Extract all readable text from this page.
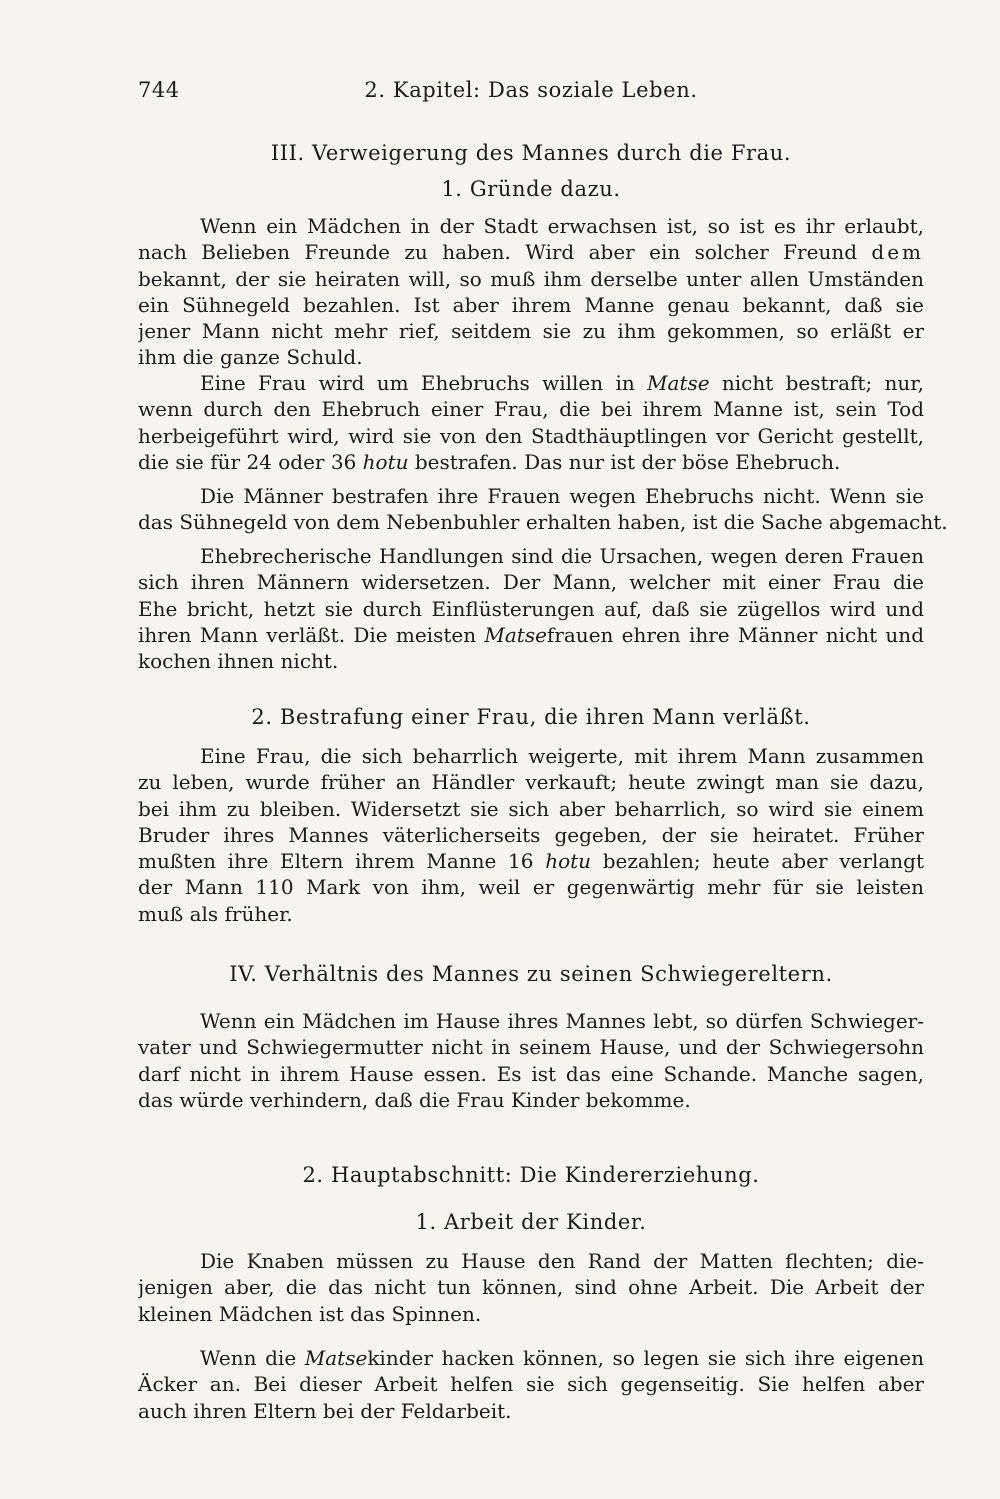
744	2. Kapitel: Das soziale Leben.
III. Verweigerung des Mannes durch die Frau.
1. Gründe dazu.
Wenn ein Mädchen in der Stadt erwachsen ist, so ist es ihr erlaubt,
nach Belieben Freunde zu haben. Wird aber ein solcher Freund dem
bekannt, der sie heiraten will, so muß ihm derselbe unter allen Umständen
ein Sühnegeld bezahlen. Ist aber ihrem Manne genau bekannt, daß sie
jener Mann nicht mehr rief, seitdem sie zu ihm gekommen, so erläßt er
ihm die ganze Schuld.
Eine Frau wird um Ehebruchs willen in Matse nicht bestraft; nur,
wenn durch den Ehebruch einer Frau, die bei ihrem Manne ist, sein Tod
herbeigeführt wird, wird sie von den Stadthäuptlingen vor Gericht gestellt,
die sie für 24 oder 36 hotu bestrafen. Das nur ist der böse Ehebruch.
Die Männer bestrafen ihre Frauen wegen Ehebruchs nicht. Wenn sie
das Sühnegeld von dem Nebenbuhler erhalten haben, ist die Sache abgemacht.
Ehebrecherische Handlungen sind die Ursachen, wegen deren Frauen
sich ihren Männern widersetzen. Der Mann, welcher mit einer Frau die
Ehe bricht, hetzt sie durch Einflüsterungen auf, daß sie zügellos wird und
ihren Mann verläßt. Die meisten Matsefrauen ehren ihre Männer nicht und
kochen ihnen nicht.
2. Bestrafung einer Frau, die ihren Mann verläßt.
Eine Frau, die sich beharrlich weigerte, mit ihrem Mann zusammen
zu leben, wurde früher an Händler verkauft; heute zwingt man sie dazu,
bei ihm zu bleiben. Widersetzt sie sich aber beharrlich, so wird sie einem
Bruder ihres Mannes väterlicherseits gegeben, der sie heiratet. Früher
mußten ihre Eltern ihrem Manne 16 hotu bezahlen; heute aber verlangt
der Mann 110 Mark von ihm, weil er gegenwärtig mehr für sie leisten
muß als früher.
IV. Verhältnis des Mannes zu seinen Schwiegereltern.
Wenn ein Mädchen im Hause ihres Mannes lebt, so dürfen Schwieger-
vater und Schwiegermutter nicht in seinem Hause, und der Schwiegersohn
darf nicht in ihrem Hause essen. Es ist das eine Schande. Manche sagen,
das würde verhindern, daß die Frau Kinder bekomme.
2. Hauptabschnitt: Die Kindererziehung.
1. Arbeit der Kinder.
Die Knaben müssen zu Hause den Rand der Matten flechten; die-
jenigen aber, die das nicht tun können, sind ohne Arbeit. Die Arbeit der
kleinen Mädchen ist das Spinnen.
Wenn die Matsekinder hacken können, so legen sie sich ihre eigenen
Äcker an. Bei dieser Arbeit helfen sie sich gegenseitig. Sie helfen aber
auch ihren Eltern bei der Feldarbeit.
